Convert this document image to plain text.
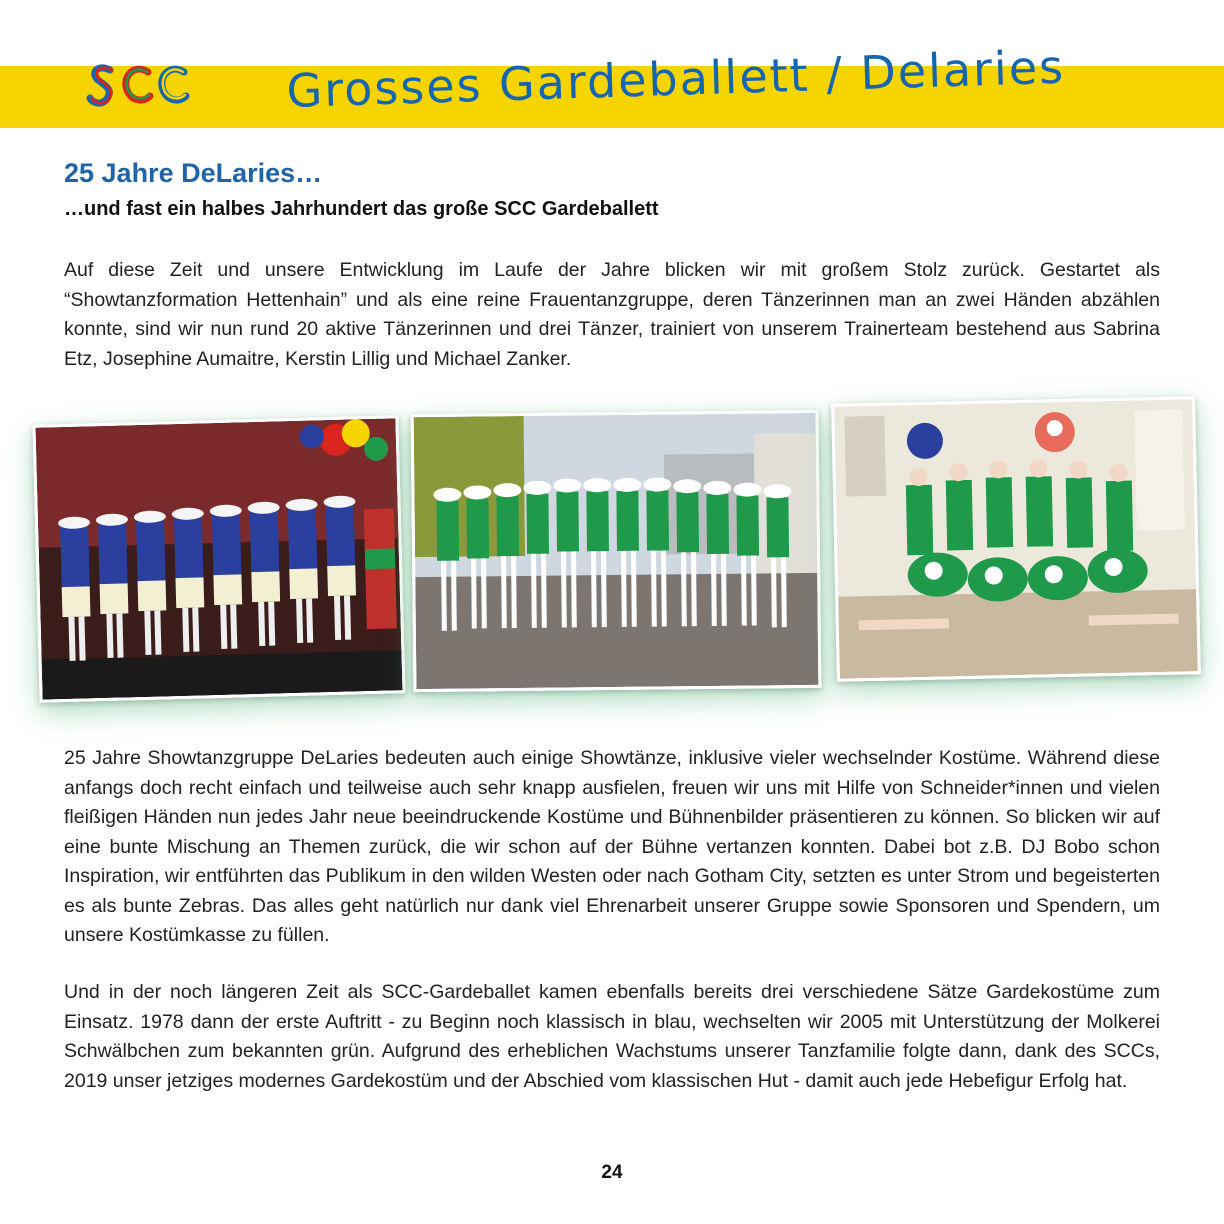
Grosses Gardeballett / Delaries
25 Jahre DeLaries…
…und fast ein halbes Jahrhundert das große SCC Gardeballett

Auf diese Zeit und unsere Entwicklung im Laufe der Jahre blicken wir mit großem Stolz zurück. Gestartet als “Showtanzformation Hettenhain” und als eine reine Frauentanzgruppe, deren Tänzerinnen man an zwei Händen abzählen konnte, sind wir nun rund 20 aktive Tänzerinnen und drei Tänzer, trainiert von unserem Trainerteam bestehend aus Sabrina Etz, Josephine Aumaitre, Kerstin Lillig und Michael Zanker.

25 Jahre Showtanzgruppe DeLaries bedeuten auch einige Showtänze, inklusive vieler wechselnder Kostüme. Während diese anfangs doch recht einfach und teilweise auch sehr knapp ausfielen, freuen wir uns mit Hilfe von Schneider*innen und vielen fleißigen Händen nun jedes Jahr neue beeindruckende Kostüme und Bühnenbilder präsentieren zu können. So blicken wir auf eine bunte Mischung an Themen zurück, die wir schon auf der Bühne vertanzen konnten. Dabei bot z.B. DJ Bobo schon Inspiration, wir entführten das Publikum in den wilden Westen oder nach Gotham City, setzten es unter Strom und begeisterten es als bunte Zebras. Das alles geht natürlich nur dank viel Ehrenarbeit unserer Gruppe sowie Sponsoren und Spendern, um unsere Kostümkasse zu füllen.

Und in der noch längeren Zeit als SCC-Gardeballet kamen ebenfalls bereits drei verschiedene Sätze Gardekostüme zum Einsatz. 1978 dann der erste Auftritt - zu Beginn noch klassisch in blau, wechselten wir 2005 mit Unterstützung der Molkerei Schwälbchen zum bekannten grün. Aufgrund des erheblichen Wachstums unserer Tanzfamilie folgte dann, dank des SCCs, 2019 unser jetziges modernes Gardekostüm und der Abschied vom klassischen Hut - damit auch jede Hebefigur Erfolg hat.

24
